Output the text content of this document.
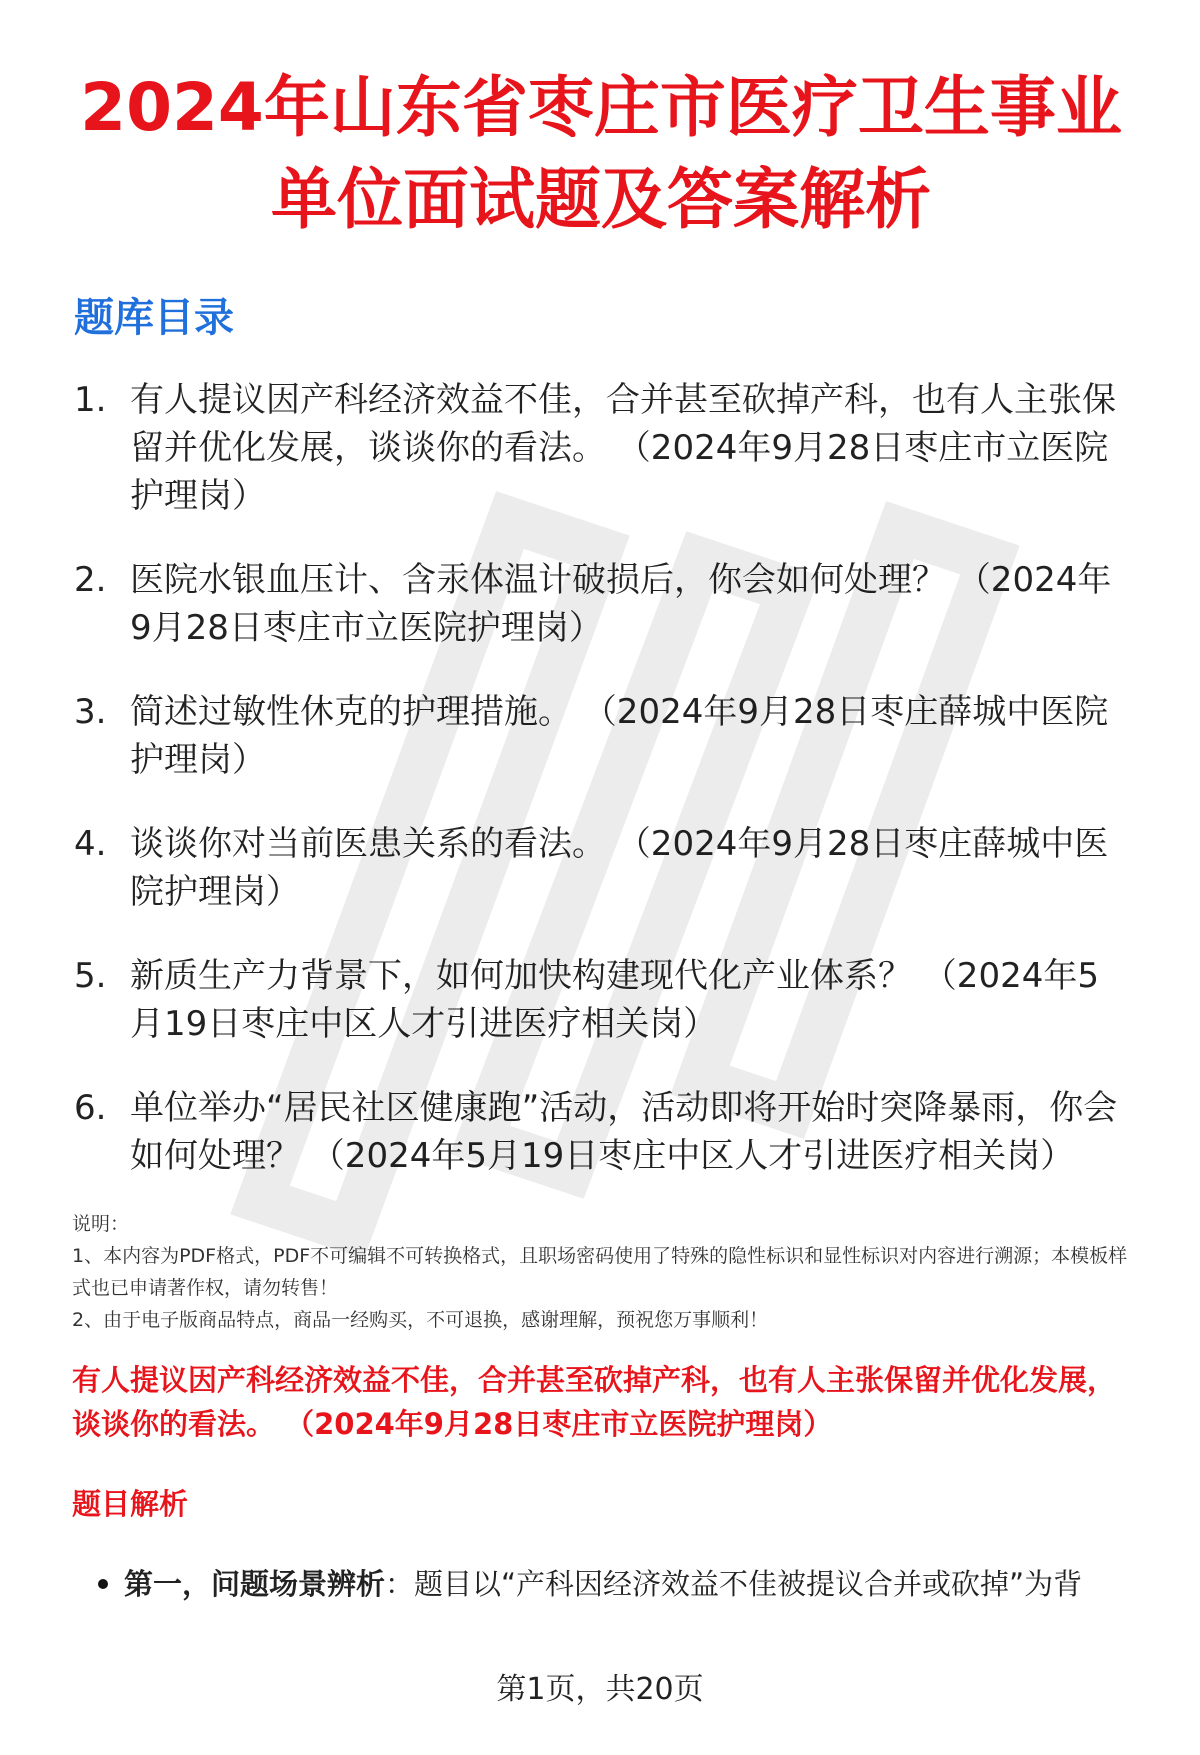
2024年山东省枣庄市医疗卫生事业
单位面试题及答案解析
题库目录
1. 有人提议因产科经济效益不佳，合并甚至砍掉产科，也有人主张保留并优化发展，谈谈你的看法。 （2024年9月28日枣庄市立医院护理岗）
2. 医院水银血压计、含汞体温计破损后，你会如何处理？ （2024年9月28日枣庄市立医院护理岗）
3. 简述过敏性休克的护理措施。 （2024年9月28日枣庄薛城中医院护理岗）
4. 谈谈你对当前医患关系的看法。 （2024年9月28日枣庄薛城中医院护理岗）
5. 新质生产力背景下，如何加快构建现代化产业体系？ （2024年5月19日枣庄中区人才引进医疗相关岗）
6. 单位举办“居民社区健康跑”活动，活动即将开始时突降暴雨，你会如何处理？ （2024年5月19日枣庄中区人才引进医疗相关岗）

说明：

1、本内容为PDF格式，PDF不可编辑不可转换格式，且职场密码使用了特殊的隐性标识和显性标识对内容进行溯源；本模板样式也已申请著作权，请勿转售！

2、由于电子版商品特点，商品一经购买，不可退换，感谢理解，预祝您万事顺利！

有人提议因产科经济效益不佳，合并甚至砍掉产科，也有人主张保留并优化发展，谈谈你的看法。 （2024年9月28日枣庄市立医院护理岗）
题目解析
第一，问题场景辨析：题目以“产科因经济效益不佳被提议合并或砍掉”为背
第1页，共20页
